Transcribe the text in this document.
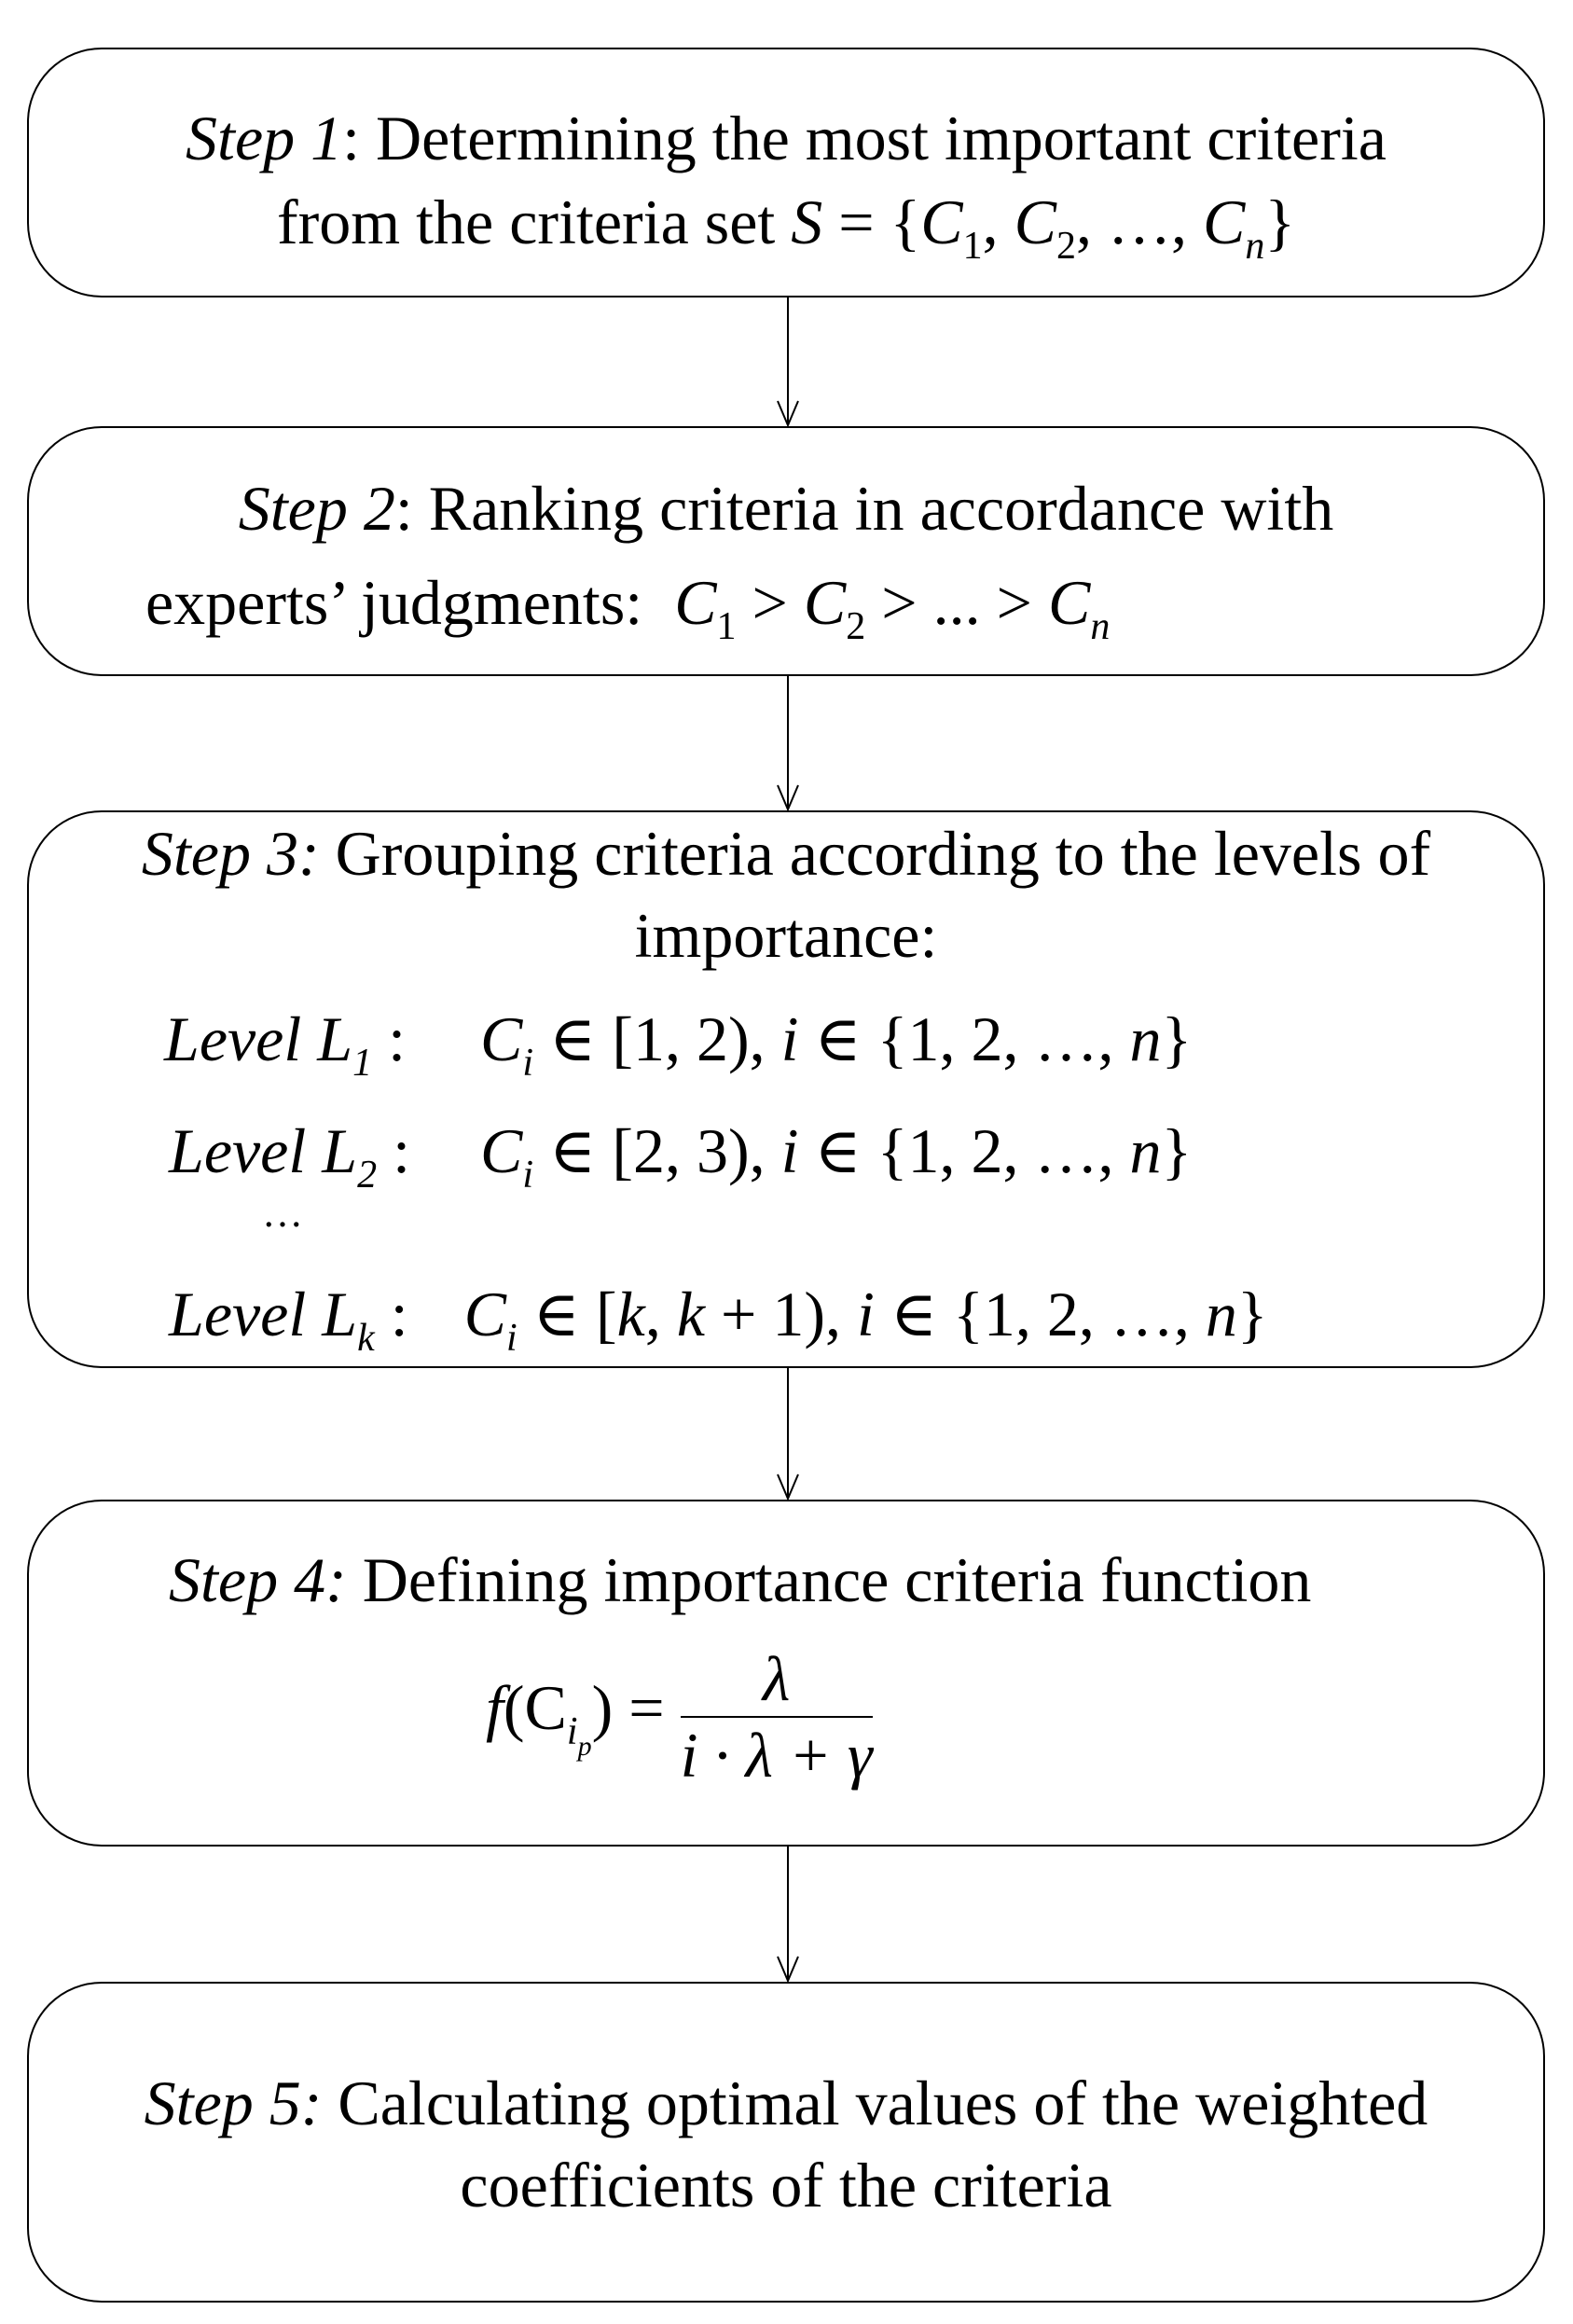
Step 1: Determining the most important criteria
from the criteria set $S = \{C_1$, $C_2$, …, $C_n$}
Step 2: Ranking criteria in accordance with
experts’ judgments: $C_1 > C_2$ > ... > $C_n$
Step 3: Grouping criteria according to the levels of
importance:
Level $L_1$ : $C_i$ ∈ [1, 2), i ∈ {1, 2, …, n}
Level $L_2$ : $C_i$ ∈ [2, 3), i ∈ {1, 2, …, n}
…
Level $L_k$ : $C_i$ ∈ [k, k + 1), i ∈ {1, 2, …, n}
Step 4: Defining importance criteria function
$f(C_{ip}) = \frac{\lambda}{i \cdot \lambda + \gamma}$
Step 5: Calculating optimal values of the weighted
coefficients of the criteria
